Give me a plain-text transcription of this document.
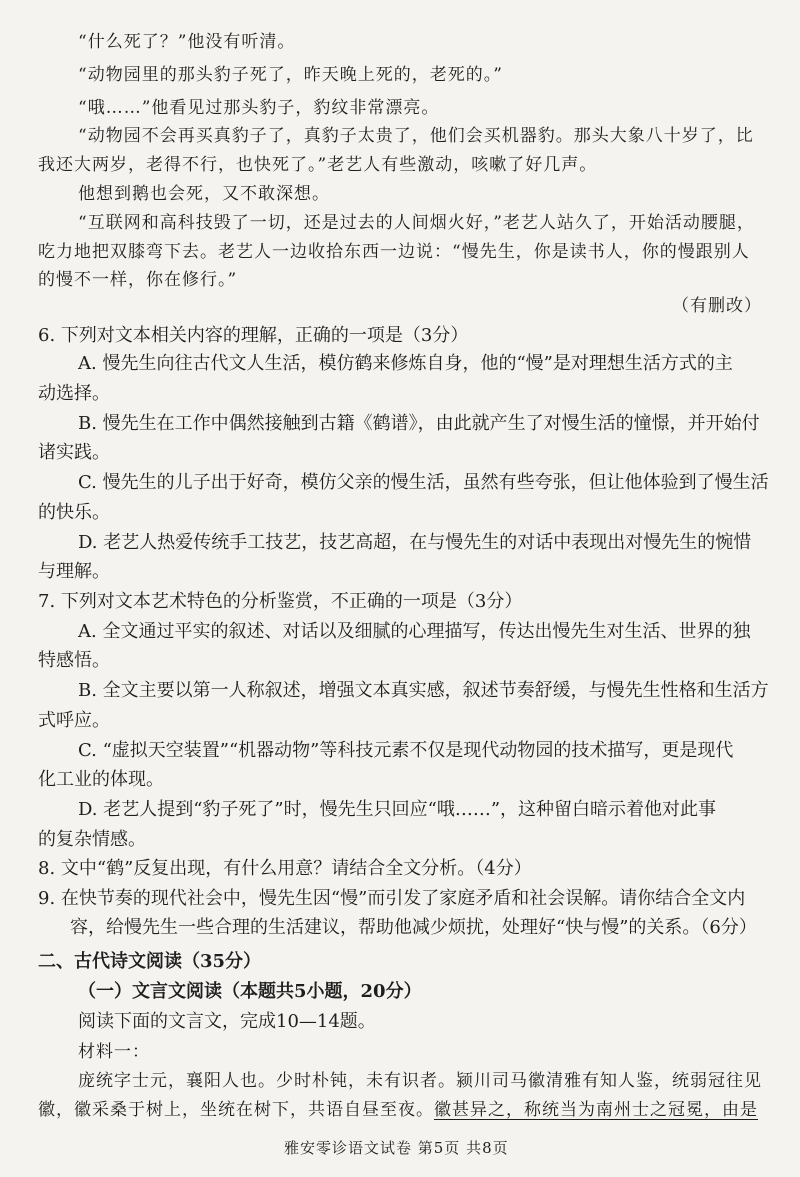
“什么死了？”他没有听清。
“动物园里的那头豹子死了，昨天晚上死的，老死的。”
“哦……”他看见过那头豹子，豹纹非常漂亮。
“动物园不会再买真豹子了，真豹子太贵了，他们会买机器豹。那头大象八十岁了，比
我还大两岁，老得不行，也快死了。”老艺人有些激动，咳嗽了好几声。
他想到鹅也会死，又不敢深想。
“互联网和高科技毁了一切，还是过去的人间烟火好，”老艺人站久了，开始活动腰腿，
吃力地把双膝弯下去。老艺人一边收拾东西一边说：“慢先生，你是读书人，你的慢跟别人
的慢不一样，你在修行。”
（有删改）
6. 下列对文本相关内容的理解，正确的一项是（3分）
A. 慢先生向往古代文人生活，模仿鹤来修炼自身，他的“慢”是对理想生活方式的主
动选择。
B. 慢先生在工作中偶然接触到古籍《鹤谱》，由此就产生了对慢生活的憧憬，并开始付
诸实践。
C. 慢先生的儿子出于好奇，模仿父亲的慢生活，虽然有些夸张，但让他体验到了慢生活
的快乐。
D. 老艺人热爱传统手工技艺，技艺高超，在与慢先生的对话中表现出对慢先生的惋惜
与理解。
7. 下列对文本艺术特色的分析鉴赏，不正确的一项是（3分）
A. 全文通过平实的叙述、对话以及细腻的心理描写，传达出慢先生对生活、世界的独
特感悟。
B. 全文主要以第一人称叙述，增强文本真实感，叙述节奏舒缓，与慢先生性格和生活方
式呼应。
C. “虚拟天空装置”“机器动物”等科技元素不仅是现代动物园的技术描写，更是现代
化工业的体现。
D. 老艺人提到“豹子死了”时，慢先生只回应“哦……”，这种留白暗示着他对此事
的复杂情感。
8. 文中“鹤”反复出现，有什么用意？请结合全文分析。（4分）
9. 在快节奏的现代社会中，慢先生因“慢”而引发了家庭矛盾和社会误解。请你结合全文内
容，给慢先生一些合理的生活建议，帮助他减少烦扰，处理好“快与慢”的关系。（6分）
二、古代诗文阅读（35分）
（一）文言文阅读（本题共5小题，20分）
阅读下面的文言文，完成10—14题。
材料一：
庞统字士元，襄阳人也。少时朴钝，未有识者。颍川司马徽清雅有知人鉴，统弱冠往见
徽，徽采桑于树上，坐统在树下，共语自昼至夜。徽甚异之，称统当为南州士之冠冕，由是
雅安零诊语文试卷 第5页 共8页
